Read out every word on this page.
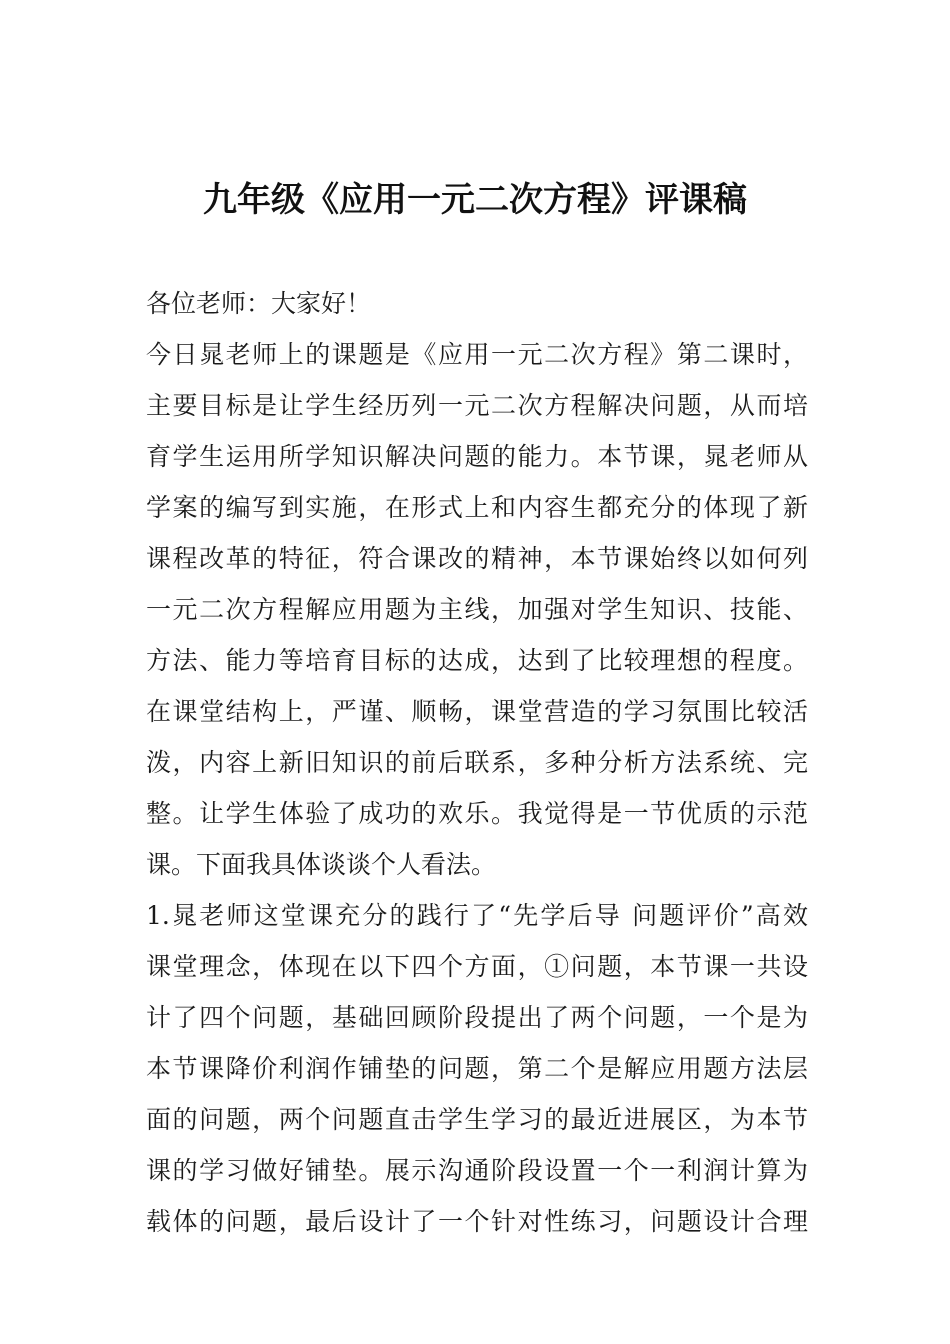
九年级《应用一元二次方程》评课稿
各位老师：大家好！
今日晁老师上的课题是《应用一元二次方程》第二课时，
主要目标是让学生经历列一元二次方程解决问题，从而培
育学生运用所学知识解决问题的能力。本节课，晁老师从
学案的编写到实施，在形式上和内容生都充分的体现了新
课程改革的特征，符合课改的精神，本节课始终以如何列
一元二次方程解应用题为主线，加强对学生知识、技能、
方法、能力等培育目标的达成，达到了比较理想的程度。
在课堂结构上，严谨、顺畅，课堂营造的学习氛围比较活
泼，内容上新旧知识的前后联系，多种分析方法系统、完
整。让学生体验了成功的欢乐。我觉得是一节优质的示范
课。下面我具体谈谈个人看法。
1.晁老师这堂课充分的践行了“先学后导 问题评价”高效
课堂理念，体现在以下四个方面，①问题，本节课一共设
计了四个问题，基础回顾阶段提出了两个问题，一个是为
本节课降价利润作铺垫的问题，第二个是解应用题方法层
面的问题，两个问题直击学生学习的最近进展区，为本节
课的学习做好铺垫。展示沟通阶段设置一个一利润计算为
载体的问题，最后设计了一个针对性练习，问题设计合理
